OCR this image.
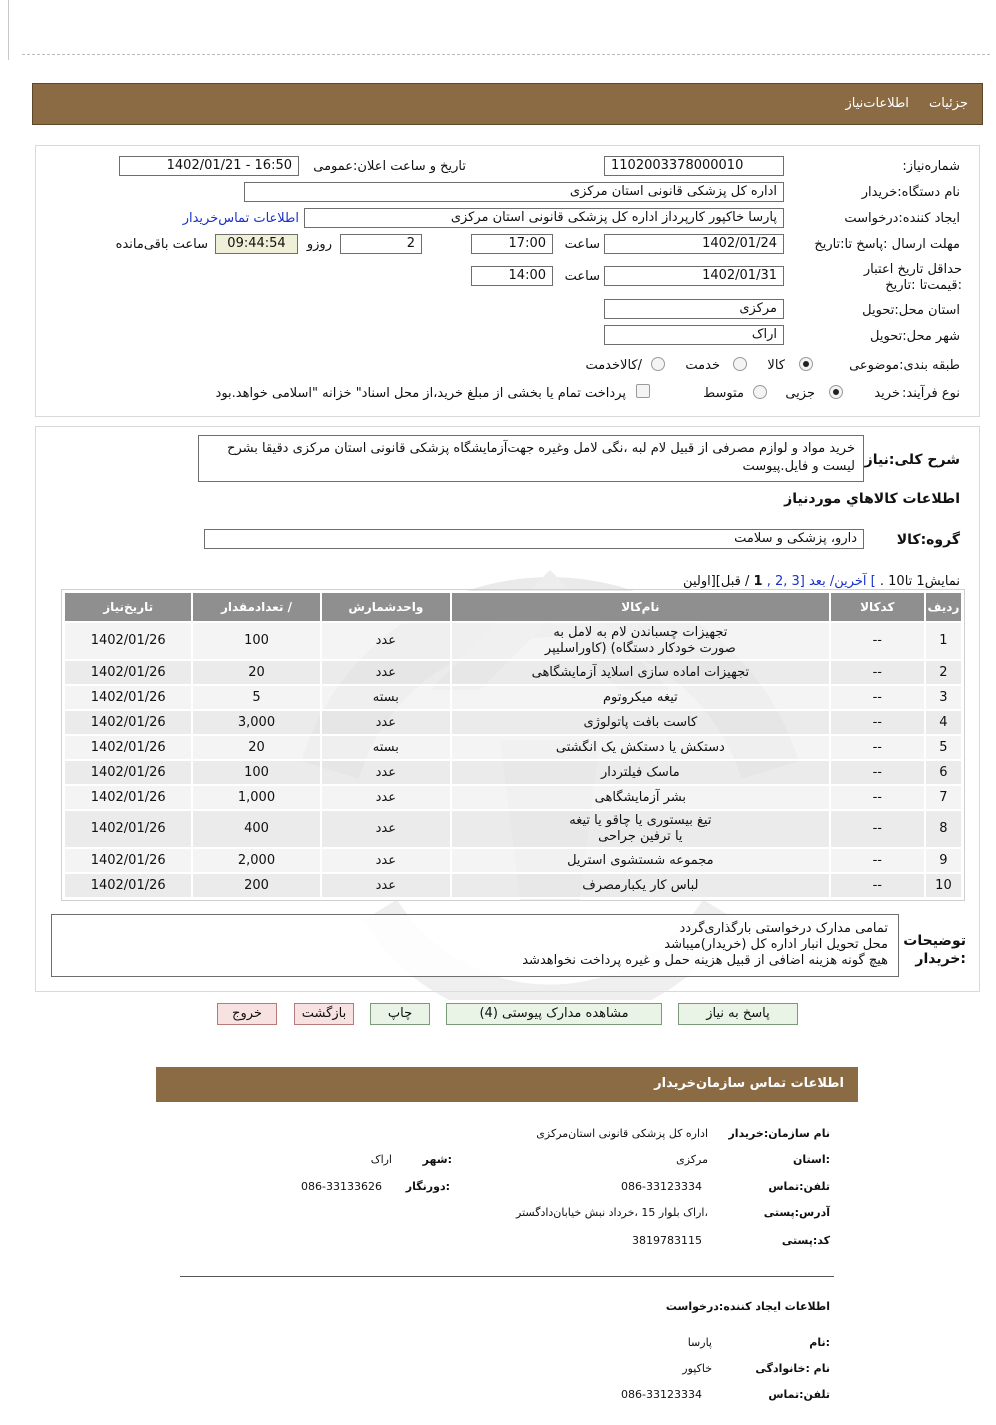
جزئیات اطلاعات‌نیاز
شماره‌نیاز:
1102003378000010
تاریخ و ساعت اعلان:عمومی
1402/01/21 - 16:50
نام دستگاه:خریدار
اداره کل پزشکی قانونی استان مرکزی
ایجاد کننده:درخواست
پارسا خاکپور کارپرداز اداره کل پزشکی قانونی استان مرکزی
اطلاعات تماس‌خریدار
مهلت ارسال :پاسخ تا:تاریخ
1402/01/24
ساعت
17:00
2
روزو
09:44:54
ساعت باقی‌مانده
حداقل تاریخ اعتبار :قیمت‌تا :تاریخ
1402/01/31
ساعت
14:00
استان محل:تحویل
مرکزی
شهر محل:تحویل
اراک
طبقه بندی:موضوعی
کالا
خدمت
/کالاخدمت
نوع فرآیند:
خرید
جزیی
متوسط
پرداخت تمام یا بخشی از مبلغ خرید،از محل اسناد" خزانه "اسلامی خواهد.بود
شرح کلی:نیاز
خرید مواد و لوازم مصرفی از قبیل لام لبه ،نگی لامل وغیره جهت‌آزمایشگاه پزشکی قانونی استان مرکزی دقیقا بشرح لیست و فایل.پیوست
اطلاعات کالاهاي مورد‌نياز
گروه:کالا
دارو، پزشکی و سلامت
نمایش1 تا10 . ] آخرین/ بعد [3 ,2 , 1 / قبل][اولین
ردیف	کدکالا	نام‌کالا	واحدشمارش	/ تعداد‌مقدار	تاریخ‌نیاز
1	--	تجهیزات چسباندن لام به لامل به
صورت خودکار دستگاه) (کاوراسلیپر	عدد	100	1402/01/26
2	--	تجهیزات اماده سازی اسلاید آزمایشگاهی	عدد	20	1402/01/26
3	--	تیغه میکروتوم	بسته	5	1402/01/26
4	--	کاست بافت پاتولوژی	عدد	3,000	1402/01/26
5	--	دستکش یا دستکش یک انگشتی	بسته	20	1402/01/26
6	--	ماسک فیلتردار	عدد	100	1402/01/26
7	--	بشر آزمایشگاهی	عدد	1,000	1402/01/26
8	--	تیغ بیستوری یا چاقو یا تیغه
یا ترفین جراحی	عدد	400	1402/01/26
9	--	مجموعه شستشوی استریل	عدد	2,000	1402/01/26
10	--	لباس کار یکبارمصرف	عدد	200	1402/01/26
توضیحات
:خریدار
تمامی مدارک درخواستی بارگذاری‌گردد
محل تحویل انبار اداره کل (خریدار)میباشد
هیچ گونه هزینه اضافی از قبیل هزینه حمل و غیره پرداخت نخواهدشد
پاسخ به نیاز
مشاهده مدارک پیوستی (4)
چاپ
بازگشت
خروج
اطلاعات تماس سازمان‌خریدار
نام سازمان:خریدار
اداره کل پزشکی قانونی استان‌مرکزی
:استان
مرکزی
:شهر
اراک
تلفن:تماس
086-33123334
:دورنگار
086-33133626
آدرس:پستی
،اراک بلوار 15 ،خرداد نبش خیابان‌دادگستر
کد:پستی
3819783115
اطلاعات ایجاد کننده:درخواست
:نام
پارسا
نام :خانوادگی
خاکپور
تلفن:تماس
086-33123334
